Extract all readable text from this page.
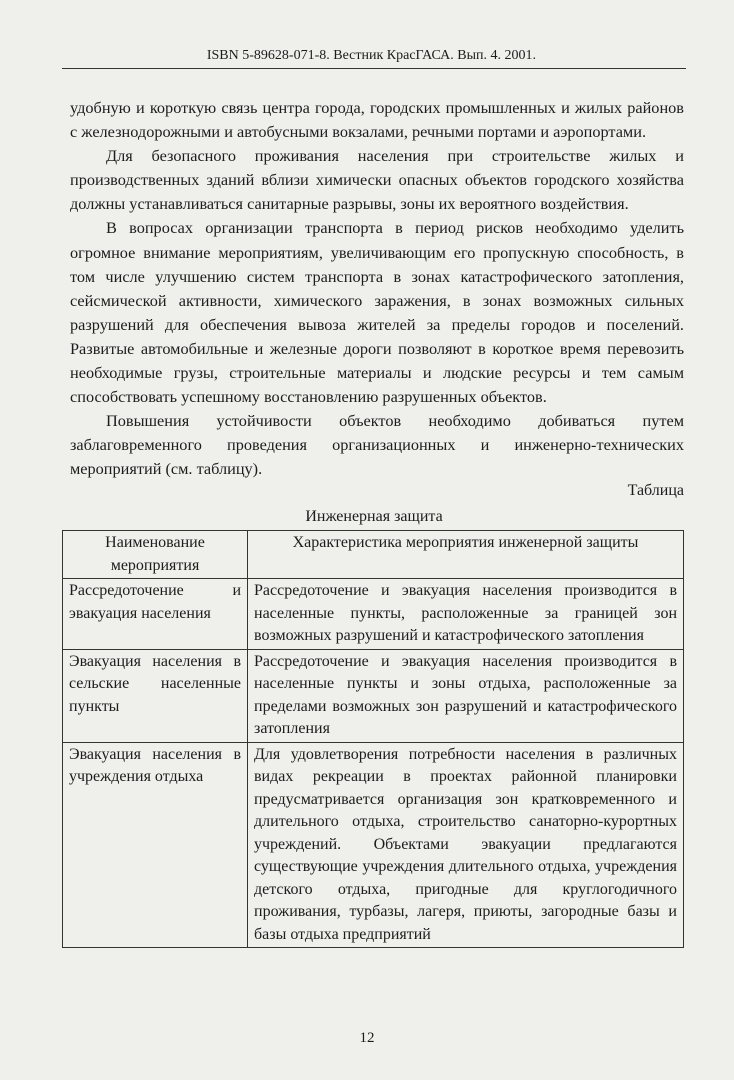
ISBN 5-89628-071-8. Вестник КрасГАСА. Вып. 4. 2001.

удобную и короткую связь центра города, городских промышленных и жилых районов с железнодорожными и автобусными вокзалами, речными портами и аэропортами.

Для безопасного проживания населения при строительстве жилых и производственных зданий вблизи химически опасных объектов городского хозяйства должны устанавливаться санитарные разрывы, зоны их вероятного воздействия.

В вопросах организации транспорта в период рисков необходимо уделить огромное внимание мероприятиям, увеличивающим его пропускную способность, в том числе улучшению систем транспорта в зонах катастрофического затопления, сейсмической активности, химического заражения, в зонах возможных сильных разрушений для обеспечения вывоза жителей за пределы городов и поселений. Развитые автомобильные и железные дороги позволяют в короткое время перевозить необходимые грузы, строительные материалы и людские ресурсы и тем самым способствовать успешному восстановлению разрушенных объектов.

Повышения устойчивости объектов необходимо добиваться путем заблаговременного проведения организационных и инженерно-технических мероприятий (см. таблицу).

Таблица
Инженерная защита
Наименование мероприятия	Характеристика мероприятия инженерной защиты
Рассредоточение и эвакуация населения	Рассредоточение и эвакуация населения производится в населенные пункты, расположенные за границей зон возможных разрушений и катастрофического затопления
Эвакуация населения в сельские населенные пункты	Рассредоточение и эвакуация населения производится в населенные пункты и зоны отдыха, расположенные за пределами возможных зон разрушений и катастрофического затопления
Эвакуация населения в учреждения отдыха	Для удовлетворения потребности населения в различных видах рекреации в проектах районной планировки предусматривается организация зон кратковременного и длительного отдыха, строительство санаторно-курортных учреждений. Объектами эвакуации предлагаются существующие учреждения длительного отдыха, учреждения детского отдыха, пригодные для круглогодичного проживания, турбазы, лагеря, приюты, загородные базы и базы отдыха предприятий
12
